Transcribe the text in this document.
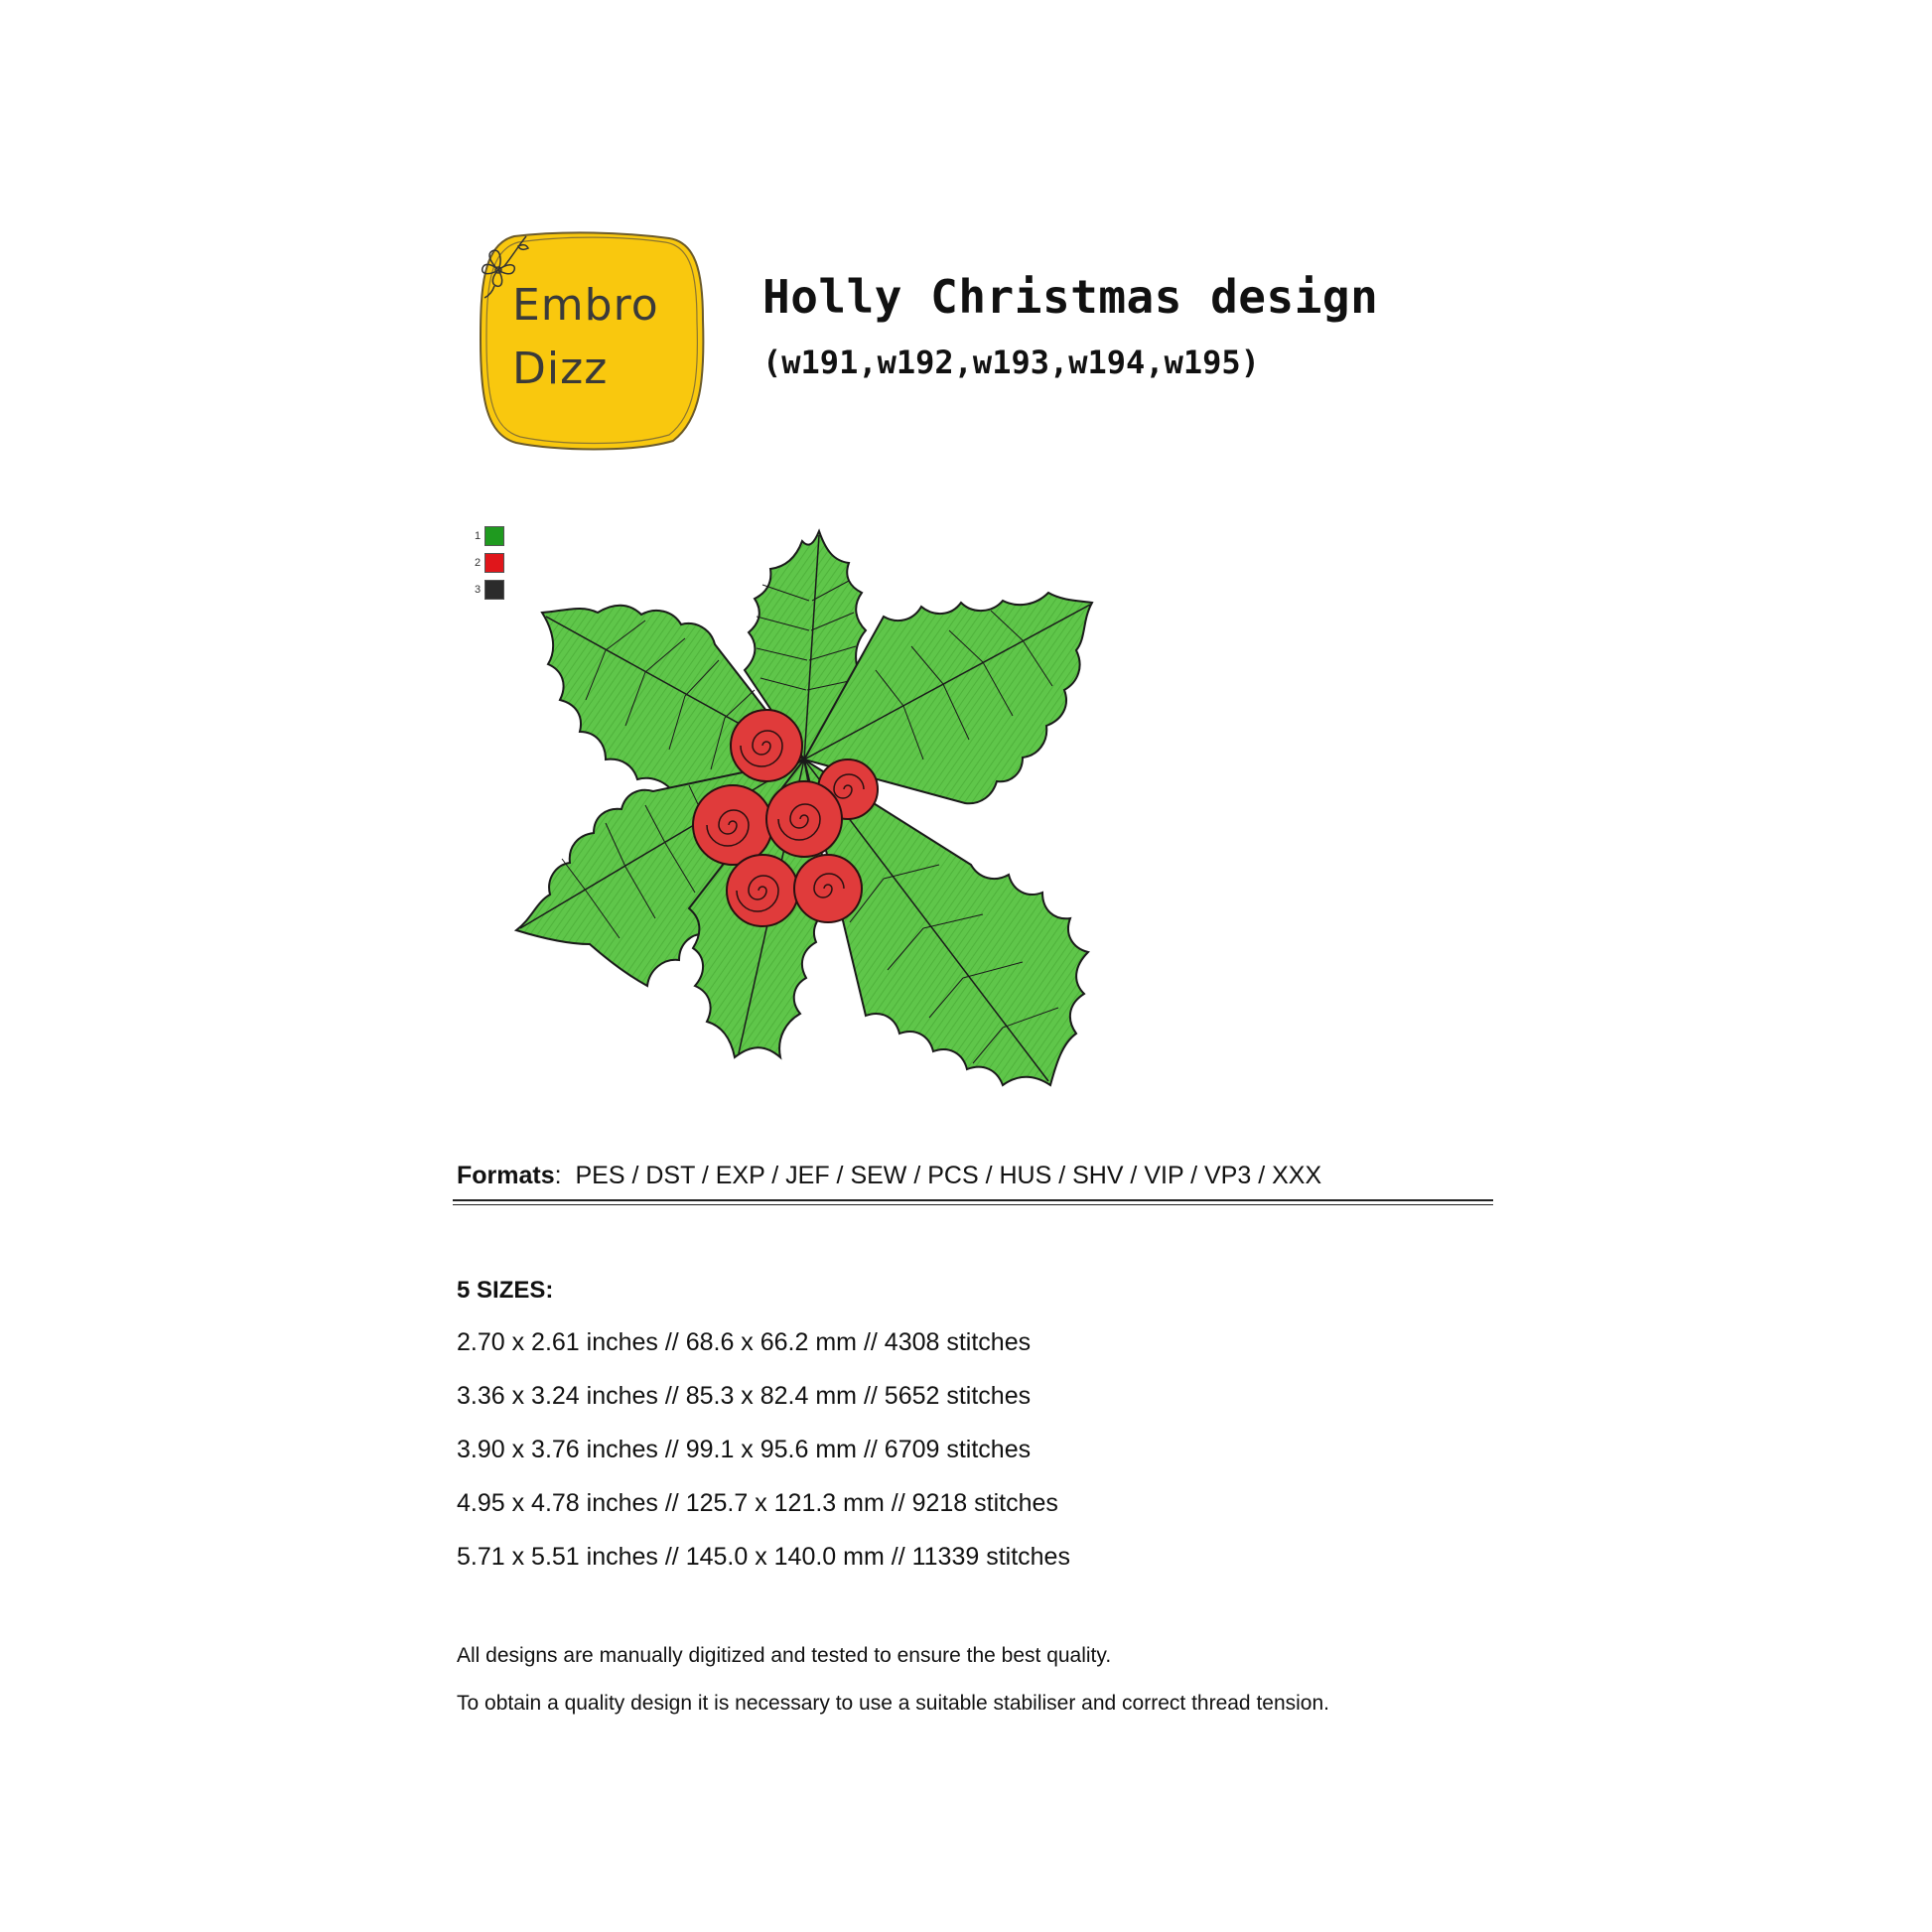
Embro
Dizz
Holly Christmas design
(w191,w192,w193,w194,w195)
1
2
3
Formats: PES / DST / EXP / JEF / SEW / PCS / HUS / SHV / VIP / VP3 / XXX
5 SIZES:
2.70 x 2.61 inches // 68.6 x 66.2 mm // 4308 stitches
3.36 x 3.24 inches // 85.3 x 82.4 mm // 5652 stitches
3.90 x 3.76 inches // 99.1 x 95.6 mm // 6709 stitches
4.95 x 4.78 inches // 125.7 x 121.3 mm // 9218 stitches
5.71 x 5.51 inches // 145.0 x 140.0 mm // 11339 stitches
All designs are manually digitized and tested to ensure the best quality.
To obtain a quality design it is necessary to use a suitable stabiliser and correct thread tension.
